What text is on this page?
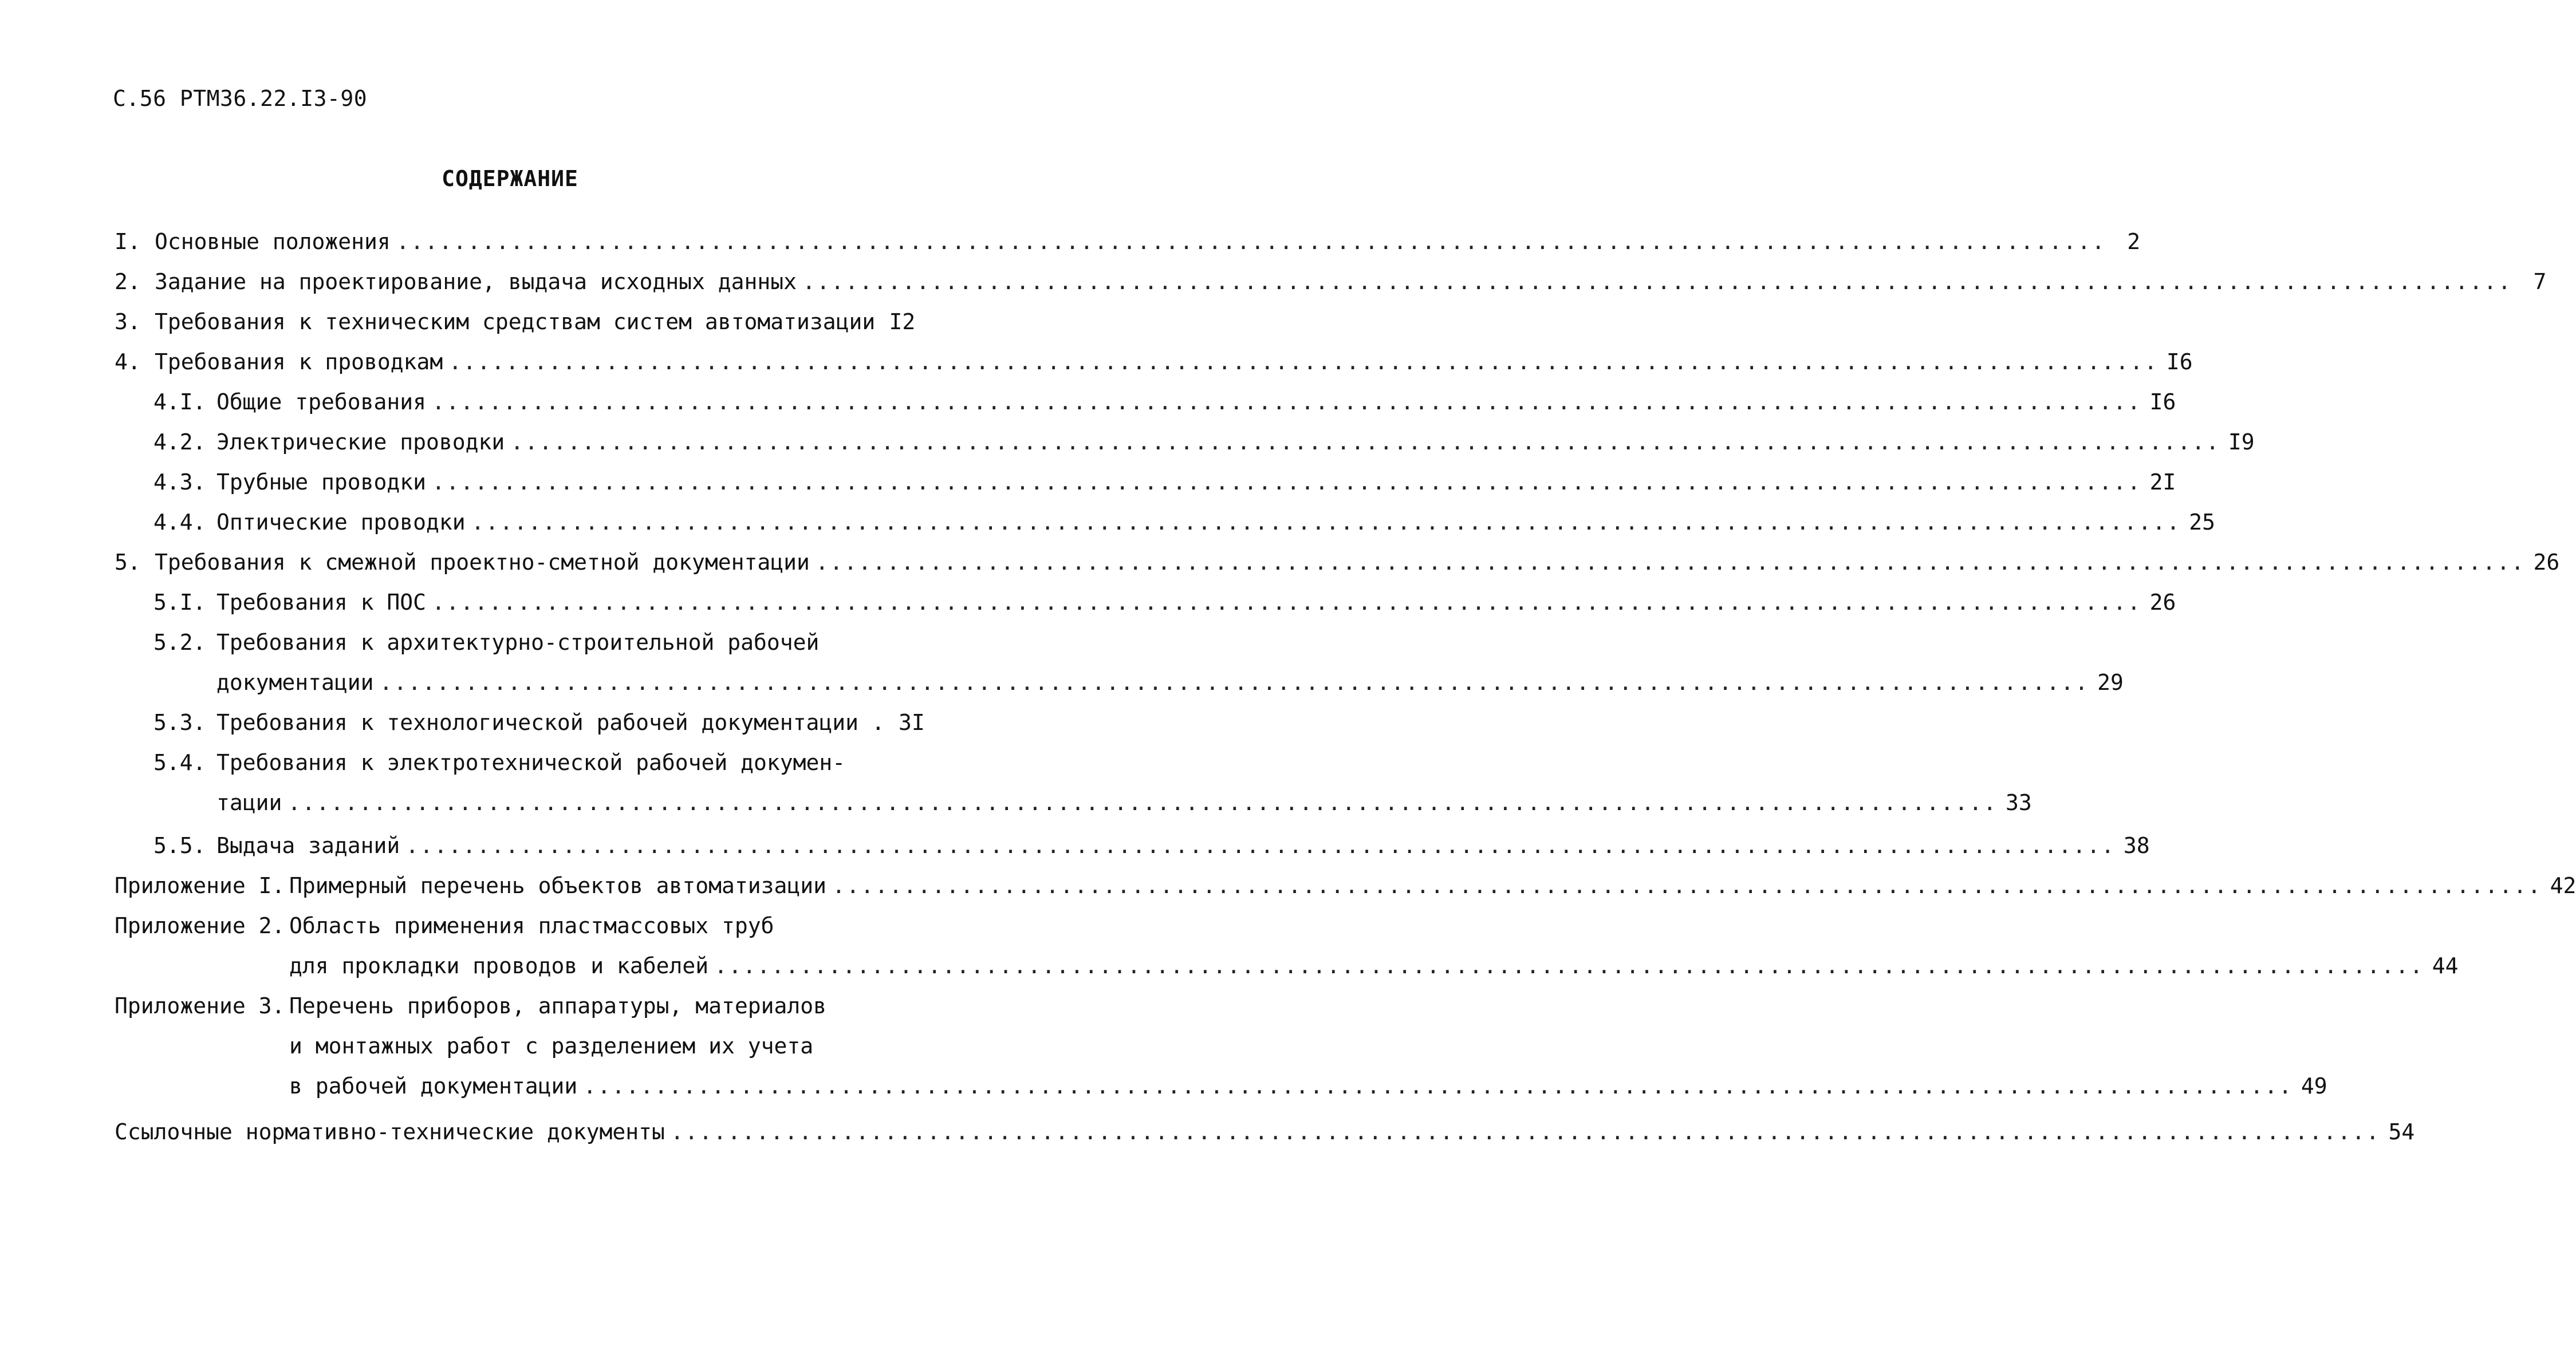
С.56 РТМ36.22.I3-90
СОДЕРЖАНИЕ
I. Основные положения ........................................................................................................................ 2
2. Задание на проектирование, выдача исходных данных ........................................................................................................................ 7
3. Требования к техническим средствам систем автоматизации I2
4. Требования к проводкам ........................................................................................................................ I6
4.I. Общие требования ........................................................................................................................ I6
4.2. Электрические проводки ........................................................................................................................ I9
4.3. Трубные проводки ........................................................................................................................ 2I
4.4. Оптические проводки ........................................................................................................................ 25
5. Требования к смежной проектно-сметной документации ........................................................................................................................ 26
5.I. Требования к ПОС ........................................................................................................................ 26
5.2. Требования к архитектурно-строительной рабочей
документации ........................................................................................................................ 29
5.3. Требования к технологической рабочей документации . 3I
5.4. Требования к электротехнической рабочей докумен-
тации ........................................................................................................................ 33
5.5. Выдача заданий ........................................................................................................................ 38
Приложение I. Примерный перечень объектов автоматизации ........................................................................................................................ 42
Приложение 2. Область применения пластмассовых труб
для прокладки проводов и кабелей ........................................................................................................................ 44
Приложение 3. Перечень приборов, аппаратуры, материалов
и монтажных работ с разделением их учета
в рабочей документации ........................................................................................................................ 49
Ссылочные нормативно-технические документы ........................................................................................................................ 54
